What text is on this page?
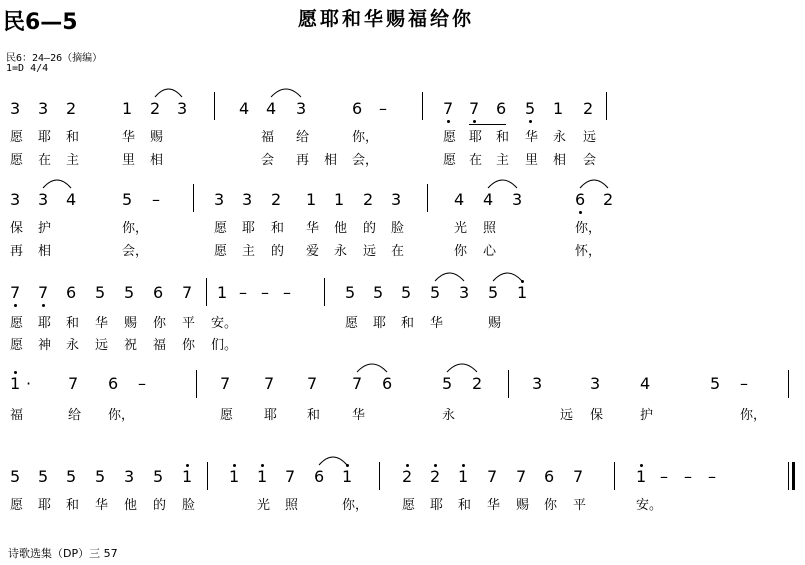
民6—5	愿耶和华赐福给你
民6：24—26（摘编）
1=D 4/4
诗歌选集（DP）三 57
3 3 2	1 2 3	4 4 3	6 –	7 7 6 5 1 2
愿 耶 和	华 赐	福 给	你，	愿 耶 和 华 永 远
愿 在 主	里 相	会 再 相 会，	愿 在 主 里 相 会
3 3 4	5 –	3 3 2 1 1 2 3	4 4 3	6 2
保 护	你，	愿 耶 和 华 他 的 脸	光 照	你，
再 相	会，	愿 主 的 爱 永 远 在	你 心	怀，
7 7 6 5 5 6 7 1 – – –	5 5 5 5 3 5 1
愿 耶 和 华 赐 你 平 安。	愿 耶 和 华	赐
愿 神 永 远 祝 福 你 们。
1 · 7 6 –	7 7 7 7 6	5 2	3	3 4	5 –
福	给 你，	愿 耶 和 华	永	远 保	护	你，
5 5 5 5 3 5 1 1 1 7 6 1	2 2 1 7 7 6 7	1 – – –
愿 耶 和 华 他 的 脸	光 照	你，	愿 耶 和 华 赐 你 平	安。
